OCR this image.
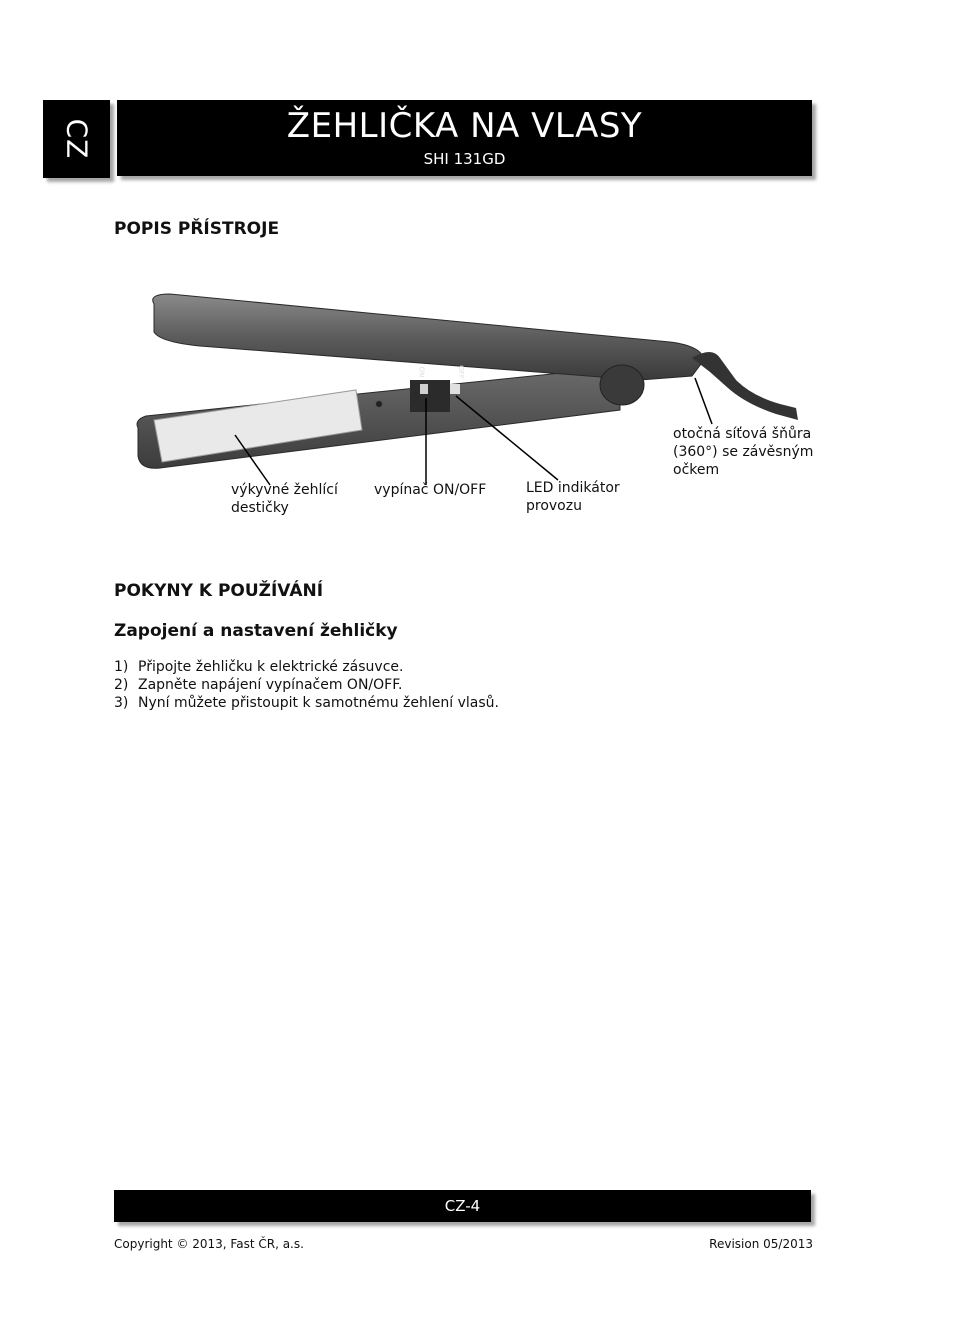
CZ	ŽEHLIČKA NA VLASY
SHI 131GD
POPIS PŘÍSTROJE
výkyvné žehlící
destičky
vypínač ON/OFF	LED indikátor
provozu
otočná síťová šňůra
(360°) se závěsným
očkem
ON	OFF
POKYNY K POUŽÍVÁNÍ
Zapojení a nastavení žehličky
1) Připojte žehličku k elektrické zásuvce.
2) Zapněte napájení vypínačem ON/OFF.
3) Nyní můžete přistoupit k samotnému žehlení vlasů.
CZ-4
Copyright © 2013, Fast ČR, a.s.	Revision 05/2013
